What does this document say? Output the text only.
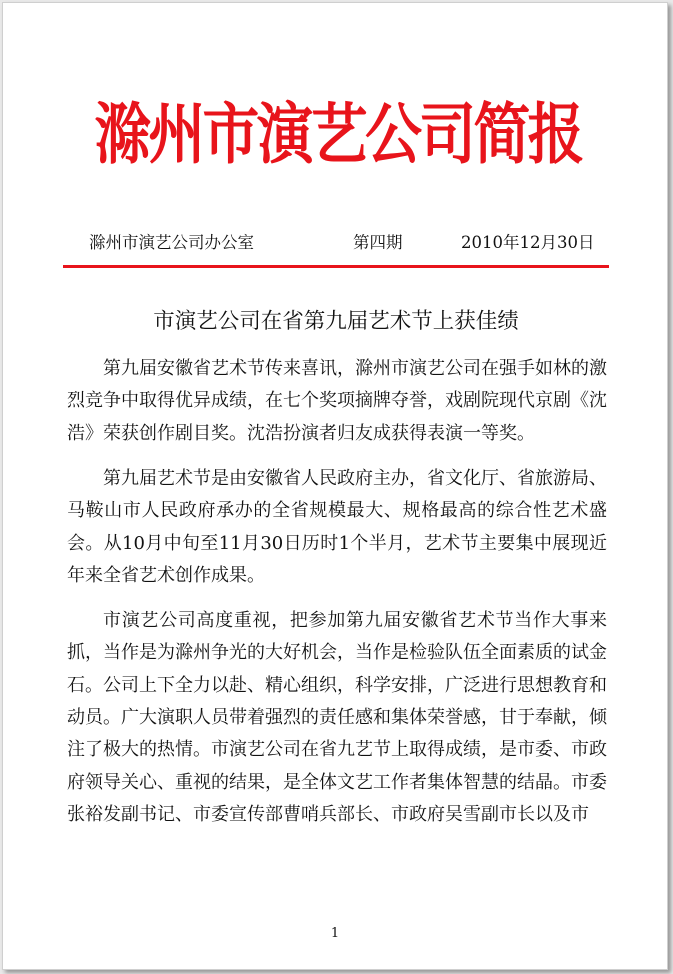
滁州市演艺公司简报
滁州市演艺公司办公室	第四期	2010年12月30日
市演艺公司在省第九届艺术节上获佳绩

第九届安徽省艺术节传来喜讯，滁州市演艺公司在强手如林的激烈竞争中取得优异成绩，在七个奖项摘牌夺誉，戏剧院现代京剧《沈浩》荣获创作剧目奖。沈浩扮演者归友成获得表演一等奖。

第九届艺术节是由安徽省人民政府主办，省文化厅、省旅游局、马鞍山市人民政府承办的全省规模最大、规格最高的综合性艺术盛会。从10月中旬至11月30日历时1个半月，艺术节主要集中展现近年来全省艺术创作成果。

市演艺公司高度重视，把参加第九届安徽省艺术节当作大事来抓，当作是为滁州争光的大好机会，当作是检验队伍全面素质的试金石。公司上下全力以赴、精心组织，科学安排，广泛进行思想教育和动员。广大演职人员带着强烈的责任感和集体荣誉感，甘于奉献，倾注了极大的热情。市演艺公司在省九艺节上取得成绩，是市委、市政府领导关心、重视的结果，是全体文艺工作者集体智慧的结晶。市委张裕发副书记、市委宣传部曹哨兵部长、市政府吴雪副市长以及市

1
